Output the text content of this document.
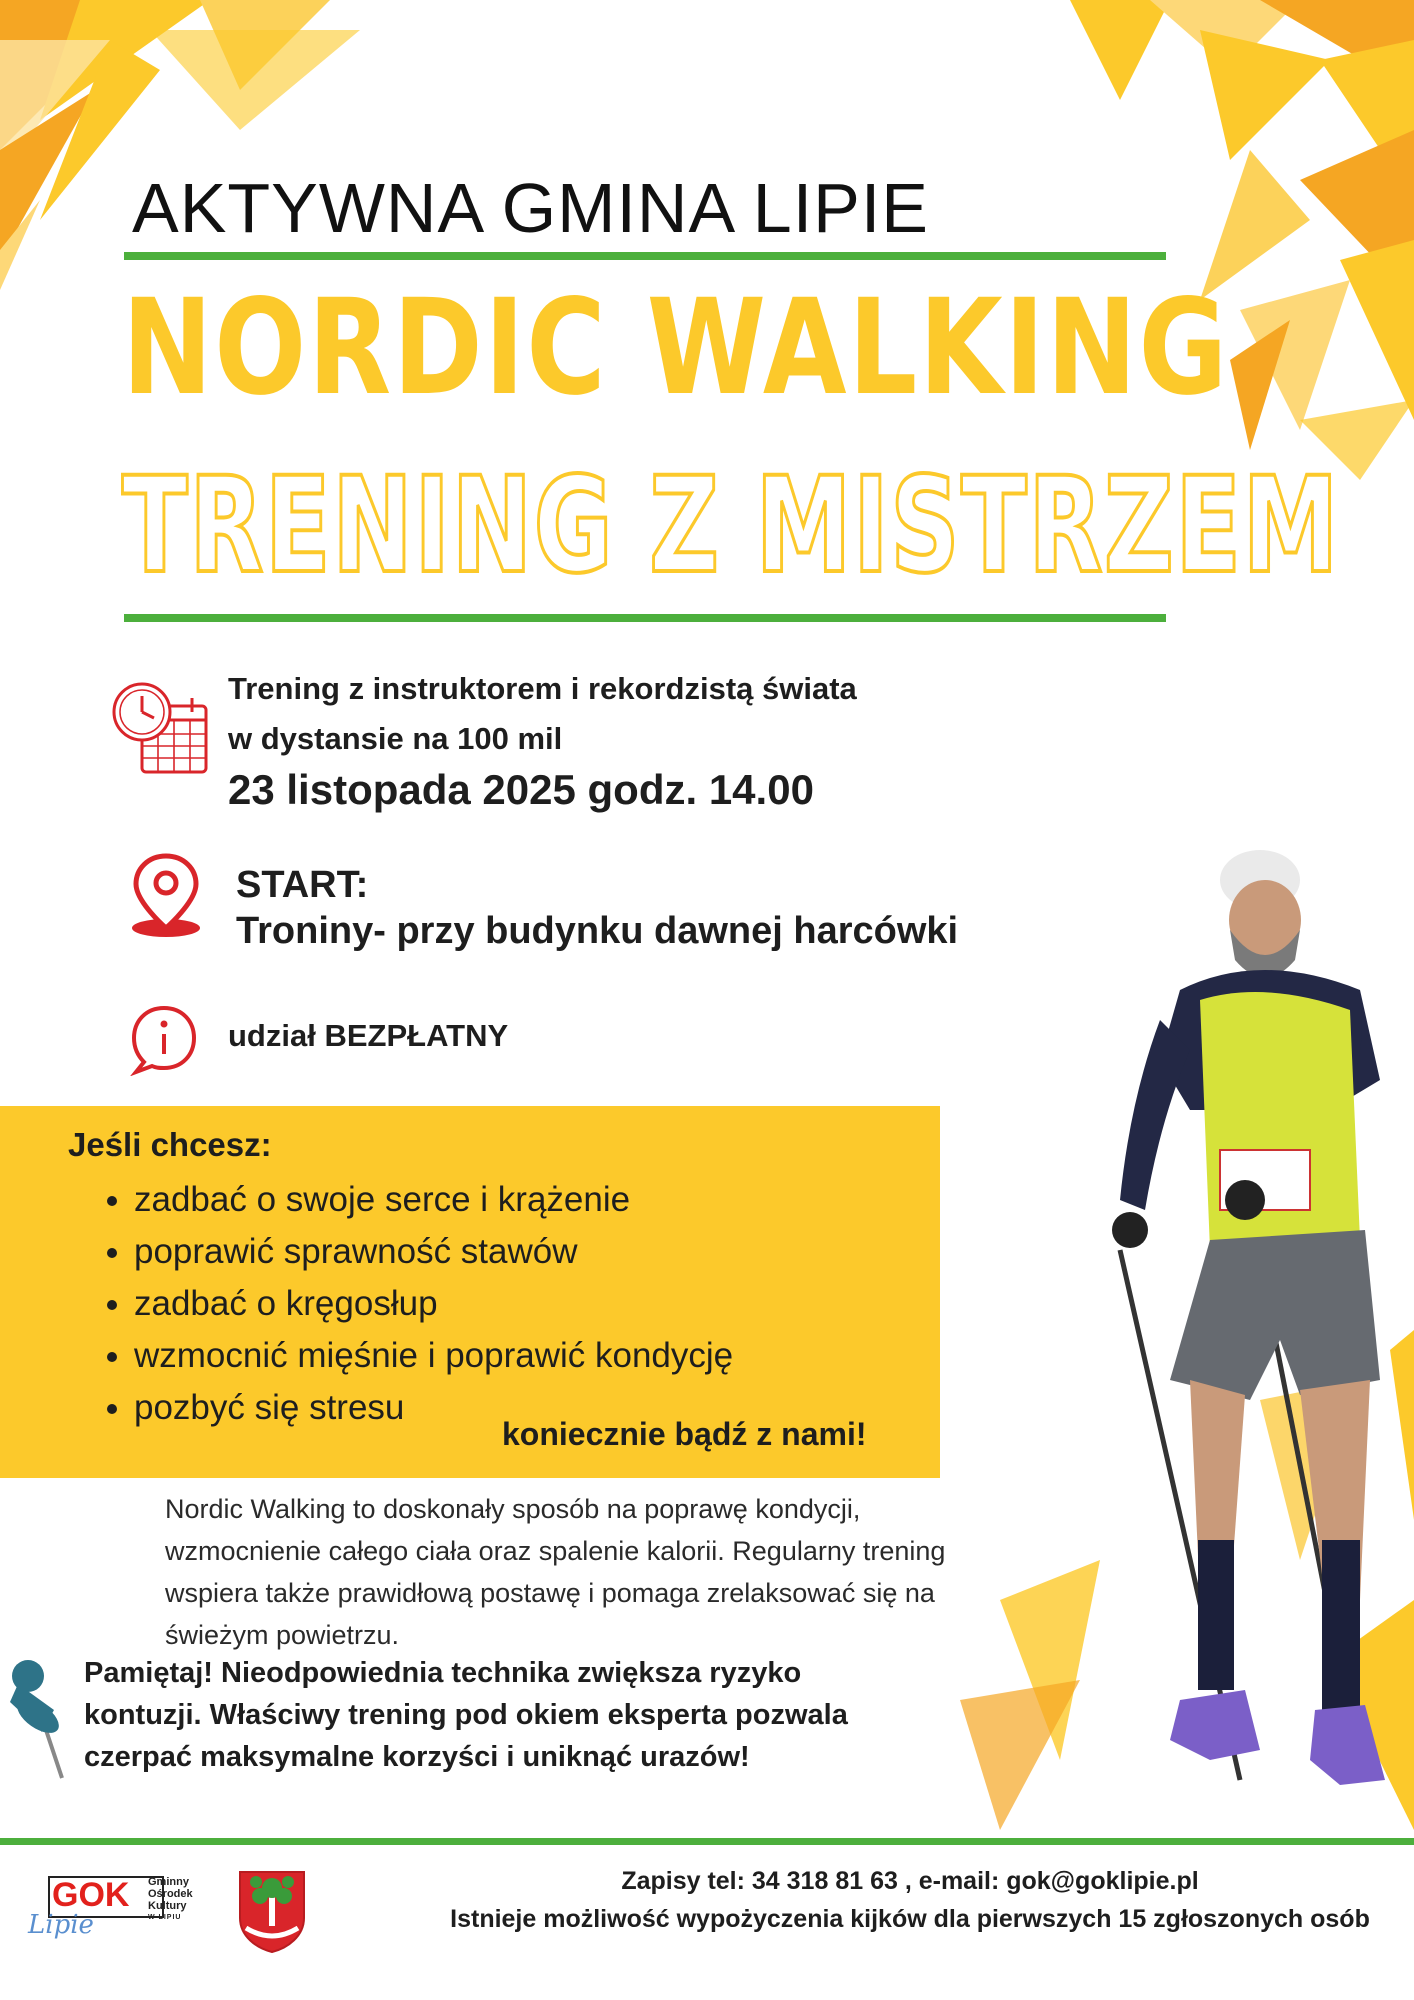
AKTYWNA GMINA LIPIE
NORDIC WALKING
TRENING Z MISTRZEM
Trening z instruktorem i rekordzistą świata
w dystansie na 100 mil
23 listopada 2025 godz. 14.00
START:
Troniny- przy budynku dawnej harcówki
udział BEZPŁATNY
Jeśli chcesz:
• zadbać o swoje serce i krążenie
• poprawić sprawność stawów
• zadbać o kręgosłup
• wzmocnić mięśnie i poprawić kondycję
• pozbyć się stresu
koniecznie bądź z nami!
Nordic Walking to doskonały sposób na poprawę kondycji,
wzmocnienie całego ciała oraz spalenie kalorii. Regularny trening
wspiera także prawidłową postawę i pomaga zrelaksować się na
świeżym powietrzu.
Pamiętaj! Nieodpowiednia technika zwiększa ryzyko kontuzji. Właściwy trening pod okiem eksperta pozwala czerpać maksymalne korzyści i uniknąć urazów!
GOK
Lipie
Gminny
Ośrodek
Kultury
W LIPIU
Zapisy tel: 34 318 81 63 , e-mail: gok@goklipie.pl
Istnieje możliwość wypożyczenia kijków dla pierwszych 15 zgłoszonych osób
